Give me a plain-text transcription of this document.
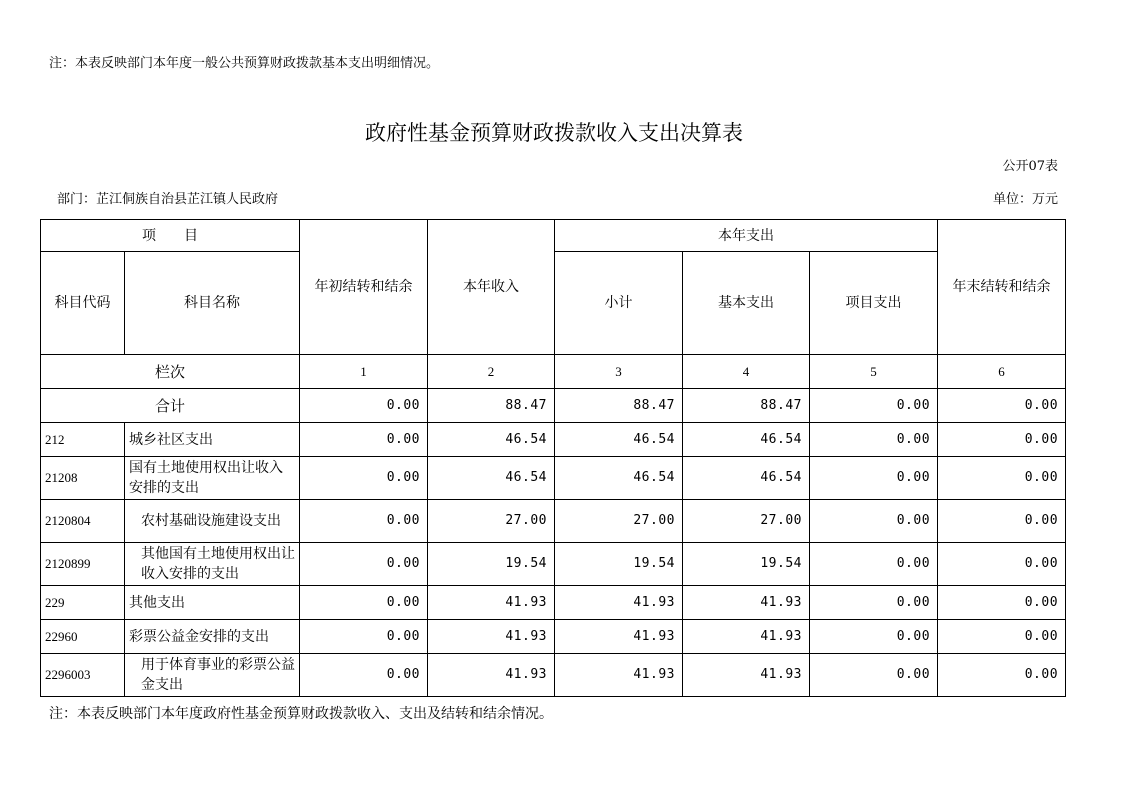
注：本表反映部门本年度一般公共预算财政拨款基本支出明细情况。
政府性基金预算财政拨款收入支出决算表
公开07表
部门：芷江侗族自治县芷江镇人民政府	单位：万元
项　　目		年初结转和结余	本年收入	本年支出			年末结转和结余
科目代码	科目名称			小计	基本支出	项目支出	
栏次		1	2	3	4	5	6
合计		0.00	88.47	88.47	88.47	0.00	0.00
212	城乡社区支出	0.00	46.54	46.54	46.54	0.00	0.00
21208	国有土地使用权出让收入安排的支出	0.00	46.54	46.54	46.54	0.00	0.00
2120804	农村基础设施建设支出	0.00	27.00	27.00	27.00	0.00	0.00
2120899	其他国有土地使用权出让收入安排的支出	0.00	19.54	19.54	19.54	0.00	0.00
229	其他支出	0.00	41.93	41.93	41.93	0.00	0.00
22960	彩票公益金安排的支出	0.00	41.93	41.93	41.93	0.00	0.00
2296003	用于体育事业的彩票公益金支出	0.00	41.93	41.93	41.93	0.00	0.00
注：本表反映部门本年度政府性基金预算财政拨款收入、支出及结转和结余情况。
